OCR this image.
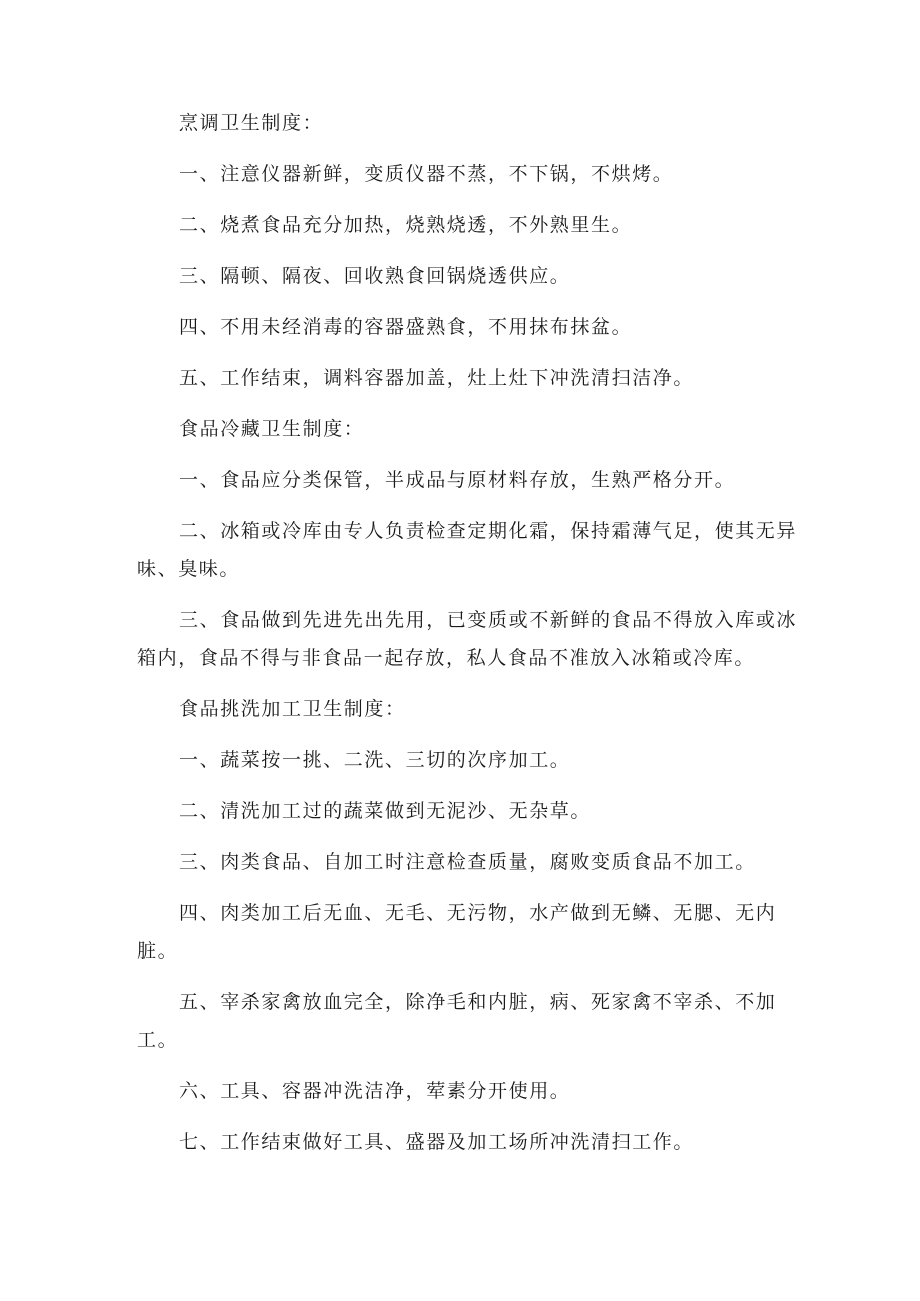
烹调卫生制度：

一、注意仪器新鲜，变质仪器不蒸，不下锅，不烘烤。

二、烧煮食品充分加热，烧熟烧透，不外熟里生。

三、隔顿、隔夜、回收熟食回锅烧透供应。

四、不用未经消毒的容器盛熟食，不用抹布抹盆。

五、工作结束，调料容器加盖，灶上灶下冲洗清扫洁净。

食品冷藏卫生制度：

一、食品应分类保管，半成品与原材料存放，生熟严格分开。

二、冰箱或冷库由专人负责检查定期化霜，保持霜薄气足，使其无异味、臭味。

三、食品做到先进先出先用，已变质或不新鲜的食品不得放入库或冰箱内，食品不得与非食品一起存放，私人食品不准放入冰箱或冷库。

食品挑洗加工卫生制度：

一、蔬菜按一挑、二洗、三切的次序加工。

二、清洗加工过的蔬菜做到无泥沙、无杂草。

三、肉类食品、自加工时注意检查质量，腐败变质食品不加工。

四、肉类加工后无血、无毛、无污物，水产做到无鳞、无腮、无内脏。

五、宰杀家禽放血完全，除净毛和内脏，病、死家禽不宰杀、不加工。

六、工具、容器冲洗洁净，荤素分开使用。

七、工作结束做好工具、盛器及加工场所冲洗清扫工作。
